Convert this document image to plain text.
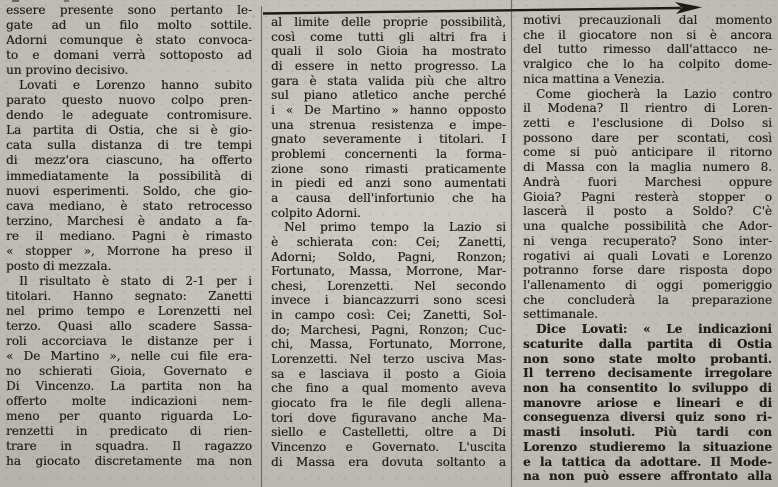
essere presente sono pertanto le-
gate ad un filo molto sottile.
Adorni comunque è stato convoca-
to e domani verrà sottoposto ad
un provino decisivo.
Lovati e Lorenzo hanno subito
parato questo nuovo colpo pren-
dendo le adeguate contromisure.
La partita di Ostia, che si è gio-
cata sulla distanza di tre tempi
di mezz'ora ciascuno, ha offerto
immediatamente la possibilità di
nuovi esperimenti. Soldo, che gio-
cava mediano, è stato retrocesso
terzino, Marchesi è andato a fa-
re il mediano. Pagni è rimasto
« stopper », Morrone ha preso il
posto di mezzala.
Il risultato è stato di 2-1 per i
titolari. Hanno segnato: Zanetti
nel primo tempo e Lorenzetti nel
terzo. Quasi allo scadere Sassa-
roli accorciava le distanze per i
« De Martino », nelle cui file era-
no schierati Gioia, Governato e
Di Vincenzo. La partita non ha
offerto molte indicazioni nem-
meno per quanto riguarda Lo-
renzetti in predicato di rien-
trare in squadra. Il ragazzo
ha giocato discretamente ma non
al limite delle proprie possibilità,
così come tutti gli altri fra i
quali il solo Gioia ha mostrato
di essere in netto progresso. La
gara è stata valida più che altro
sul piano atletico anche perché
i « De Martino » hanno opposto
una strenua resistenza e impe-
gnato severamente i titolari. I
problemi concernenti la forma-
zione sono rimasti praticamente
in piedi ed anzi sono aumentati
a causa dell'infortunio che ha
colpito Adorni.
Nel primo tempo la Lazio si
è schierata con: Cei; Zanetti,
Adorni; Soldo, Pagni, Ronzon;
Fortunato, Massa, Morrone, Mar-
chesi, Lorenzetti. Nel secondo
invece i biancazzurri sono scesi
in campo così: Cei; Zanetti, Sol-
do; Marchesi, Pagni, Ronzon; Cuc-
chi, Massa, Fortunato, Morrone,
Lorenzetti. Nel terzo usciva Mas-
sa e lasciava il posto a Gioia
che fino a qual momento aveva
giocato fra le file degli allena-
tori dove figuravano anche Ma-
siello e Castelletti, oltre a Di
Vincenzo e Governato. L'uscita
di Massa era dovuta soltanto a
motivi precauzionali dal momento
che il giocatore non si è ancora
del tutto rimesso dall'attacco ne-
vralgico che lo ha colpito dome-
nica mattina a Venezia.
Come giocherà la Lazio contro
il Modena? Il rientro di Loren-
zetti e l'esclusione di Dolso si
possono dare per scontati, così
come si può anticipare il ritorno
di Massa con la maglia numero 8.
Andrà fuori Marchesi oppure
Gioia? Pagni resterà stopper o
lascerà il posto a Soldo? C'è
una qualche possibilità che Ador-
ni venga recuperato? Sono inter-
rogativi ai quali Lovati e Lorenzo
potranno forse dare risposta dopo
l'allenamento di oggi pomeriggio
che concluderà la preparazione
settimanale.
Dice Lovati: « Le indicazioni
scaturite dalla partita di Ostia
non sono state molto probanti.
Il terreno decisamente irregolare
non ha consentito lo sviluppo di
manovre ariose e lineari e di
conseguenza diversi quiz sono ri-
masti insoluti. Più tardi con
Lorenzo studieremo la situazione
e la tattica da adottare. Il Mode-
na non può essere affrontato alla
